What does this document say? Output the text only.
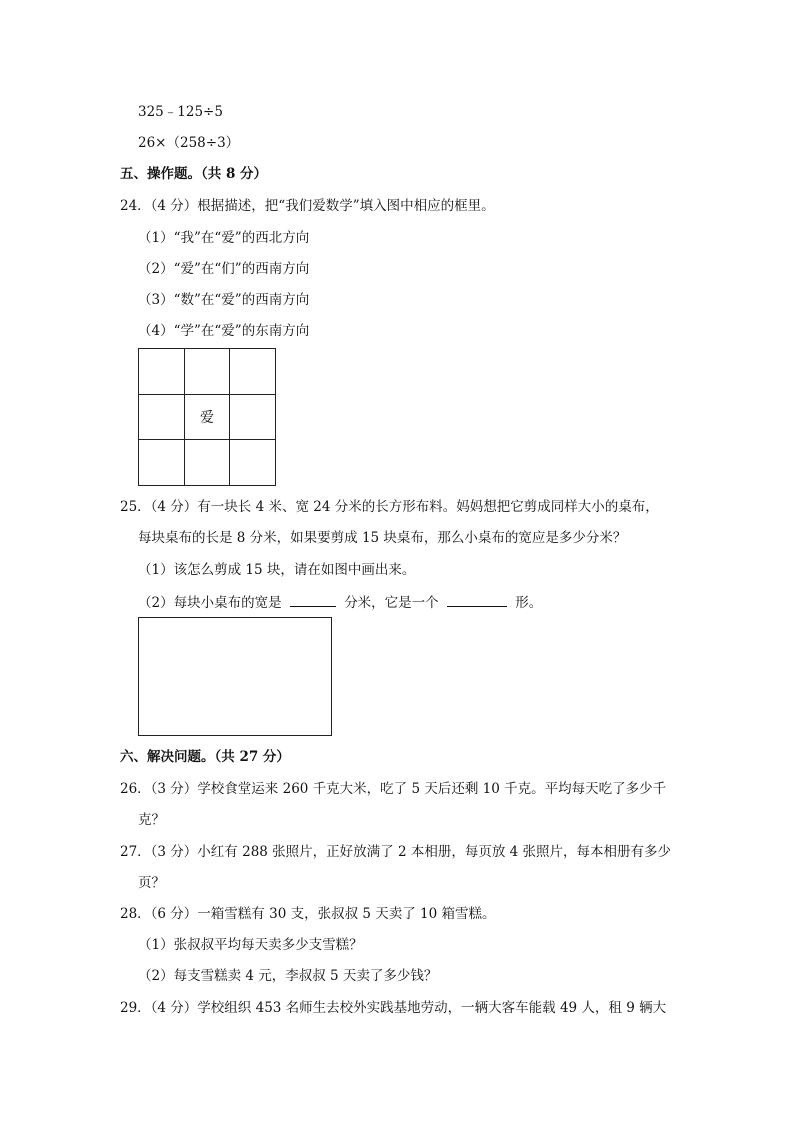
325﹣125÷5
26×（258÷3）
五、操作题。（共 8 分）
24．（4 分）根据描述，把“我们爱数学”填入图中相应的框里。
（1）“我”在“爱”的西北方向
（2）“爱”在“们”的西南方向
（3）“数”在“爱”的西南方向
（4）“学”在“爱”的东南方向
爱
25．（4 分）有一块长 4 米、宽 24 分米的长方形布料。妈妈想把它剪成同样大小的桌布，
每块桌布的长是 8 分米，如果要剪成 15 块桌布，那么小桌布的宽应是多少分米？
（1）该怎么剪成 15 块，请在如图中画出来。
（2）每块小桌布的宽是	分米，它是一个	形。
六、解决问题。（共 27 分）
26．（3 分）学校食堂运来 260 千克大米，吃了 5 天后还剩 10 千克。平均每天吃了多少千
克？
27．（3 分）小红有 288 张照片，正好放满了 2 本相册，每页放 4 张照片，每本相册有多少
页？
28．（6 分）一箱雪糕有 30 支，张叔叔 5 天卖了 10 箱雪糕。
（1）张叔叔平均每天卖多少支雪糕？
（2）每支雪糕卖 4 元，李叔叔 5 天卖了多少钱？
29．（4 分）学校组织 453 名师生去校外实践基地劳动，一辆大客车能载 49 人，租 9 辆大
